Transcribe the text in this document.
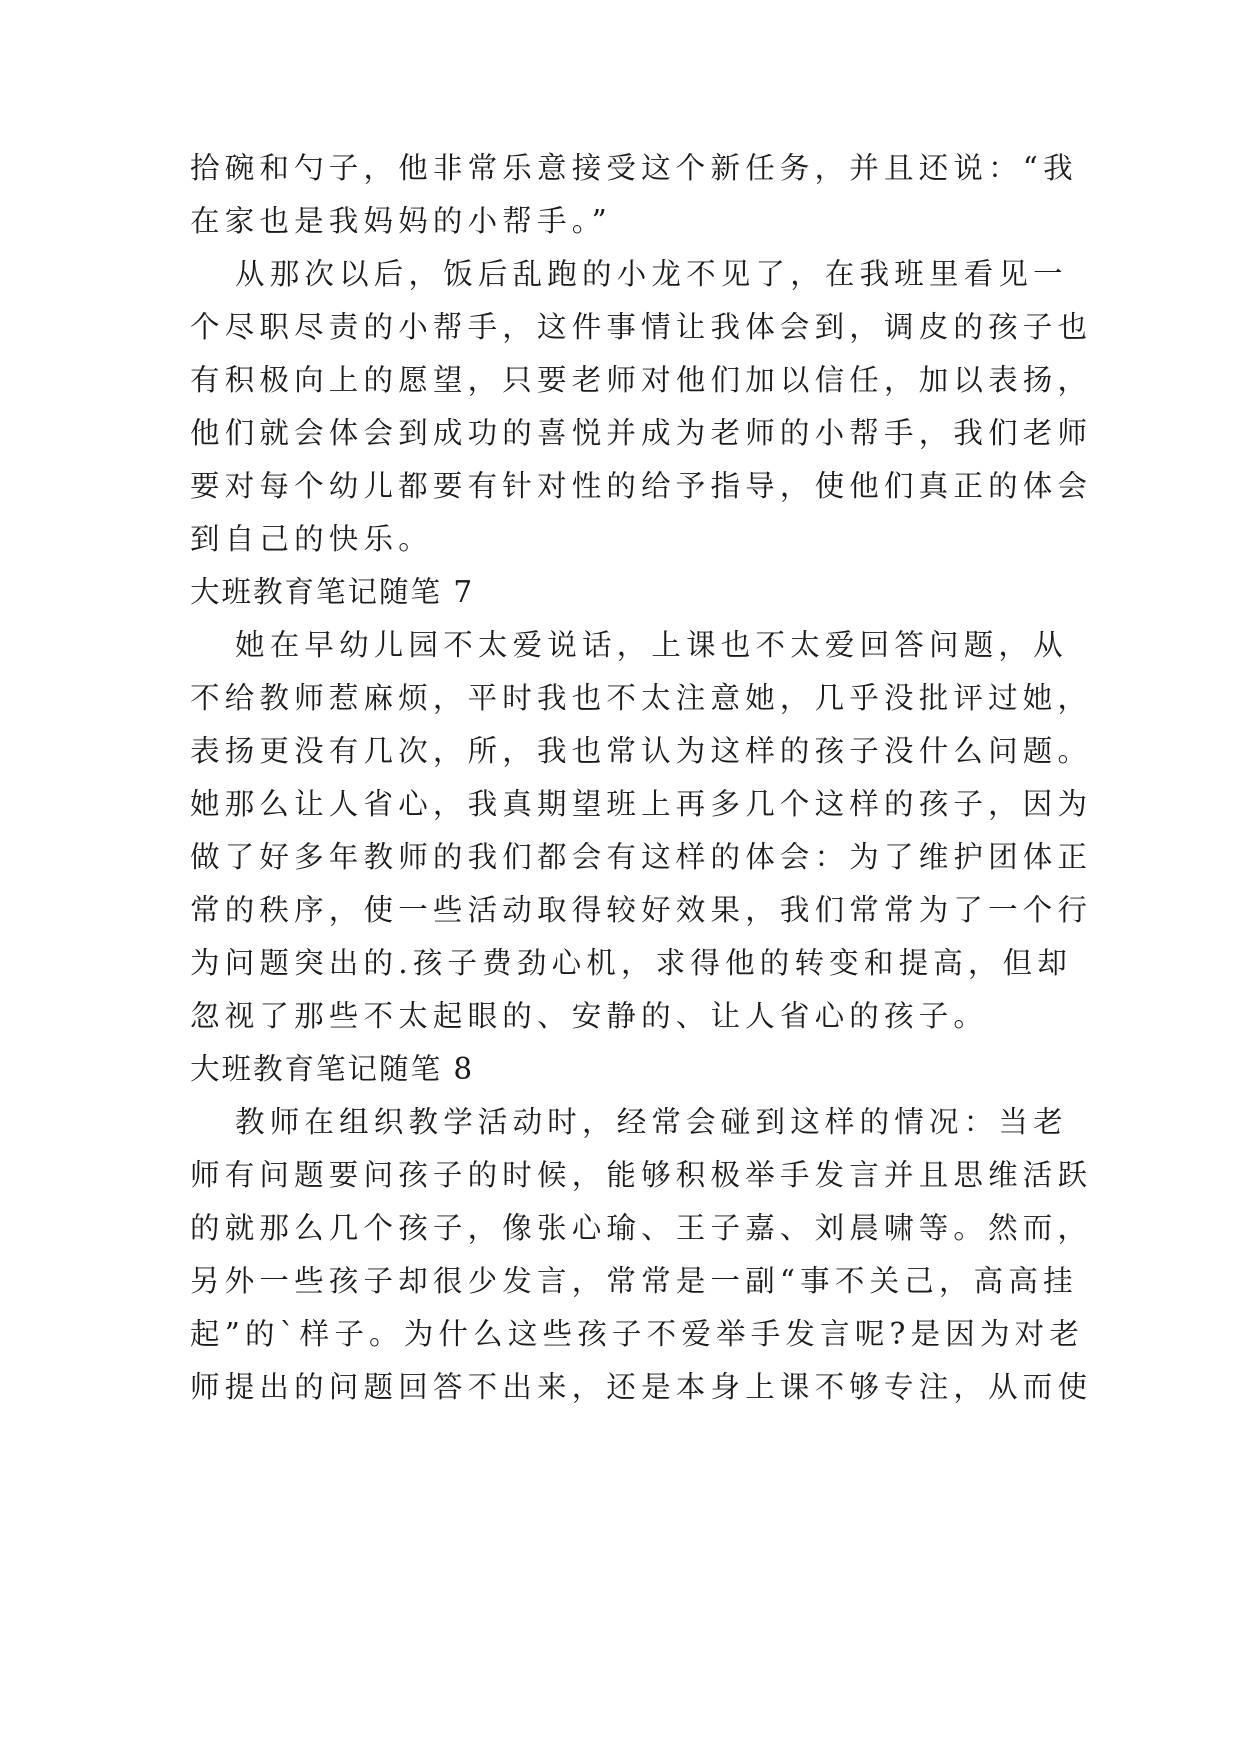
拾碗和勺子，他非常乐意接受这个新任务，并且还说：“我
在家也是我妈妈的小帮手。”
从那次以后，饭后乱跑的小龙不见了，在我班里看见一
个尽职尽责的小帮手，这件事情让我体会到，调皮的孩子也
有积极向上的愿望，只要老师对他们加以信任，加以表扬，
他们就会体会到成功的喜悦并成为老师的小帮手，我们老师
要对每个幼儿都要有针对性的给予指导，使他们真正的体会
到自己的快乐。
大班教育笔记随笔 7
她在早幼儿园不太爱说话，上课也不太爱回答问题，从
不给教师惹麻烦，平时我也不太注意她，几乎没批评过她，
表扬更没有几次，所，我也常认为这样的孩子没什么问题。
她那么让人省心，我真期望班上再多几个这样的孩子，因为
做了好多年教师的我们都会有这样的体会：为了维护团体正
常的秩序，使一些活动取得较好效果，我们常常为了一个行
为问题突出的.孩子费劲心机，求得他的转变和提高，但却
忽视了那些不太起眼的、安静的、让人省心的孩子。
大班教育笔记随笔 8
教师在组织教学活动时，经常会碰到这样的情况：当老
师有问题要问孩子的时候，能够积极举手发言并且思维活跃
的就那么几个孩子，像张心瑜、王子嘉、刘晨啸等。然而，
另外一些孩子却很少发言，常常是一副“事不关己，高高挂
起”的`样子。为什么这些孩子不爱举手发言呢?是因为对老
师提出的问题回答不出来，还是本身上课不够专注，从而使
